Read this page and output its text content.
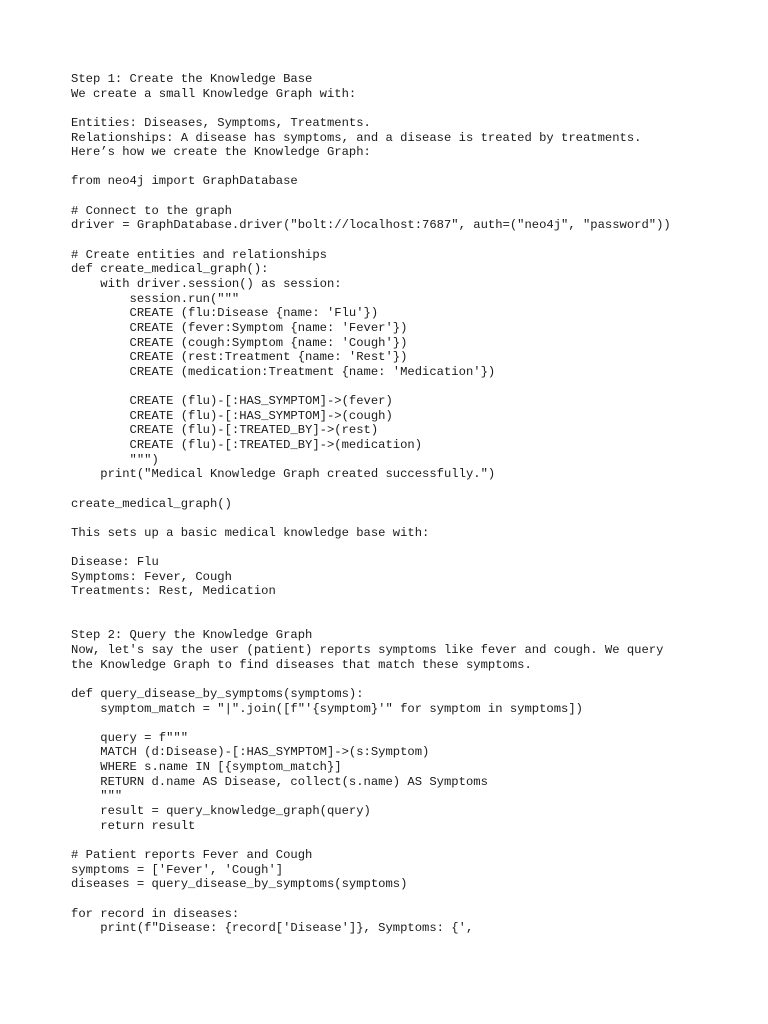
Step 1: Create the Knowledge Base
We create a small Knowledge Graph with:
Entities: Diseases, Symptoms, Treatments.
Relationships: A disease has symptoms, and a disease is treated by treatments.
Here’s how we create the Knowledge Graph:
from neo4j import GraphDatabase
# Connect to the graph
driver = GraphDatabase.driver("bolt://localhost:7687", auth=("neo4j", "password"))
# Create entities and relationships
def create_medical_graph():
with driver.session() as session:
session.run("""
CREATE (flu:Disease {name: 'Flu'})
CREATE (fever:Symptom {name: 'Fever'})
CREATE (cough:Symptom {name: 'Cough'})
CREATE (rest:Treatment {name: 'Rest'})
CREATE (medication:Treatment {name: 'Medication'})
CREATE (flu)-[:HAS_SYMPTOM]->(fever)
CREATE (flu)-[:HAS_SYMPTOM]->(cough)
CREATE (flu)-[:TREATED_BY]->(rest)
CREATE (flu)-[:TREATED_BY]->(medication)
""")
print("Medical Knowledge Graph created successfully.")
create_medical_graph()
This sets up a basic medical knowledge base with:
Disease: Flu
Symptoms: Fever, Cough
Treatments: Rest, Medication
Step 2: Query the Knowledge Graph
Now, let's say the user (patient) reports symptoms like fever and cough. We query
the Knowledge Graph to find diseases that match these symptoms.
def query_disease_by_symptoms(symptoms):
symptom_match = "|".join([f"'{symptom}'" for symptom in symptoms])
query = f"""
MATCH (d:Disease)-[:HAS_SYMPTOM]->(s:Symptom)
WHERE s.name IN [{symptom_match}]
RETURN d.name AS Disease, collect(s.name) AS Symptoms
"""
result = query_knowledge_graph(query)
return result
# Patient reports Fever and Cough
symptoms = ['Fever', 'Cough']
diseases = query_disease_by_symptoms(symptoms)
for record in diseases:
print(f"Disease: {record['Disease']}, Symptoms: {',
